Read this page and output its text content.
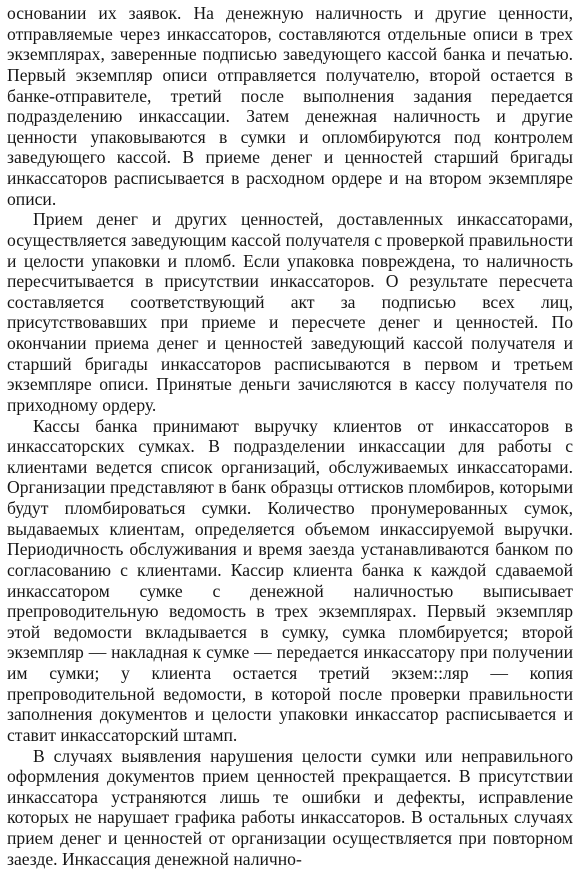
основании их заявок. На денежную наличность и другие ценности, отправляемые через инкассаторов, составляются отдельные описи в трех экземплярах, заверенные подписью заведующего кассой банка и печатью. Первый экземпляр описи отправляется получателю, второй остается в банке-отправителе, третий после выполнения задания передается подразделению инкассации. Затем денежная наличность и другие ценности упаковываются в сумки и опломбируются под контролем заведующего кассой. В приеме денег и ценностей старший бригады инкассаторов расписывается в расходном ордере и на втором экземпляре описи.

Прием денег и других ценностей, доставленных инкассаторами, осуществляется заведующим кассой получателя с проверкой правильности и целости упаковки и пломб. Если упаковка повреждена, то наличность пересчитывается в присутствии инкассаторов. О результате пересчета составляется соответствующий акт за подписью всех лиц, присутствовавших при приеме и пересчете денег и ценностей. По окончании приема денег и ценностей заведующий кассой получателя и старший бригады инкассаторов расписываются в первом и третьем экземпляре описи. Принятые деньги зачисляются в кассу получателя по приходному ордеру.

Кассы банка принимают выручку клиентов от инкассаторов в инкассаторских сумках. В подразделении инкассации для работы с клиентами ведется список организаций, обслуживаемых инкассаторами. Организации представляют в банк образцы оттисков пломбиров, которыми будут пломбироваться сумки. Количество пронумерованных сумок, выдаваемых клиентам, определяется объемом инкассируемой выручки. Периодичность обслуживания и время заезда устанавливаются банком по согласованию с клиентами. Кассир клиента банка к каждой сдаваемой инкассатором сумке с денежной наличностью выписывает препроводительную ведомость в трех экземплярах. Первый экземпляр этой ведомости вкладывается в сумку, сумка пломбируется; второй экземпляр — накладная к сумке — передается инкассатору при получении им сумки; у клиента остается третий экзем::ляр — копия препроводительной ведомости, в которой после проверки правильности заполнения документов и целости упаковки инкассатор расписывается и ставит инкассаторский штамп.

В случаях выявления нарушения целости сумки или неправильного оформления документов прием ценностей прекращается. В присутствии инкассатора устраняются лишь те ошибки и дефекты, исправление которых не нарушает графика работы инкассаторов. В остальных случаях прием денег и ценностей от организации осуществляется при повторном заезде. Инкассация денежной налично-
